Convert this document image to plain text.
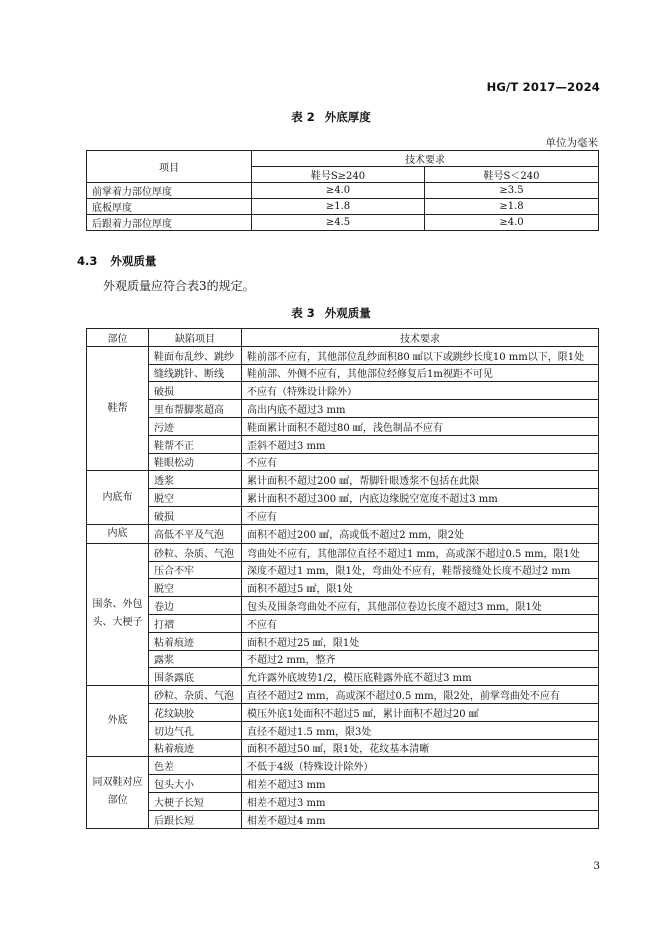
HG/T 2017—2024
表 2 外底厚度
单位为毫米
项目	技术要求	
	鞋号S≥240	鞋号S＜240
前掌着力部位厚度	≥4.0	≥3.5
底板厚度	≥1.8	≥1.8
后跟着力部位厚度	≥4.5	≥4.0
4.3 外观质量
外观质量应符合表3的规定。
表 3 外观质量
部位	缺陷项目	技术要求
鞋帮	鞋面布乱纱、跳纱	鞋前部不应有，其他部位乱纱面积80 ㎟以下或跳纱长度10 mm以下，限1处
	缝线跳针、断线	鞋前部、外侧不应有，其他部位经修复后1m视距不可见
	破损	不应有（特殊设计除外）
	里布帮脚浆超高	高出内底不超过3 mm
	污迹	鞋面累计面积不超过80 ㎟，浅色制品不应有
	鞋帮不正	歪斜不超过3 mm
	鞋眼松动	不应有
内底布	透浆	累计面积不超过200 ㎟，帮脚针眼透浆不包括在此限
	脱空	累计面积不超过300 ㎟，内底边缘脱空宽度不超过3 mm
	破损	不应有
内底	高低不平及气泡	面积不超过200 ㎟，高或低不超过2 mm，限2处
围条、外包头、大梗子	砂粒、杂质、气泡	弯曲处不应有，其他部位直径不超过1 mm，高或深不超过0.5 mm，限1处
	压合不牢	深度不超过1 mm，限1处，弯曲处不应有，鞋帮接缝处长度不超过2 mm
	脱空	面积不超过5 ㎟，限1处
	卷边	包头及围条弯曲处不应有，其他部位卷边长度不超过3 mm，限1处
	打褶	不应有
	粘着痕迹	面积不超过25 ㎟，限1处
	露浆	不超过2 mm，整齐
	围条露底	允许露外底坡势1/2，模压底鞋露外底不超过3 mm
外底	砂粒、杂质、气泡	直径不超过2 mm，高或深不超过0.5 mm，限2处，前掌弯曲处不应有
	花纹缺胶	模压外底1处面积不超过5 ㎟，累计面积不超过20 ㎟
	切边气孔	直径不超过1.5 mm，限3处
	粘着痕迹	面积不超过50 ㎟，限1处，花纹基本清晰
同双鞋对应部位	色差	不低于4级（特殊设计除外）
	包头大小	相差不超过3 mm
	大梗子长短	相差不超过3 mm
	后跟长短	相差不超过4 mm
3
